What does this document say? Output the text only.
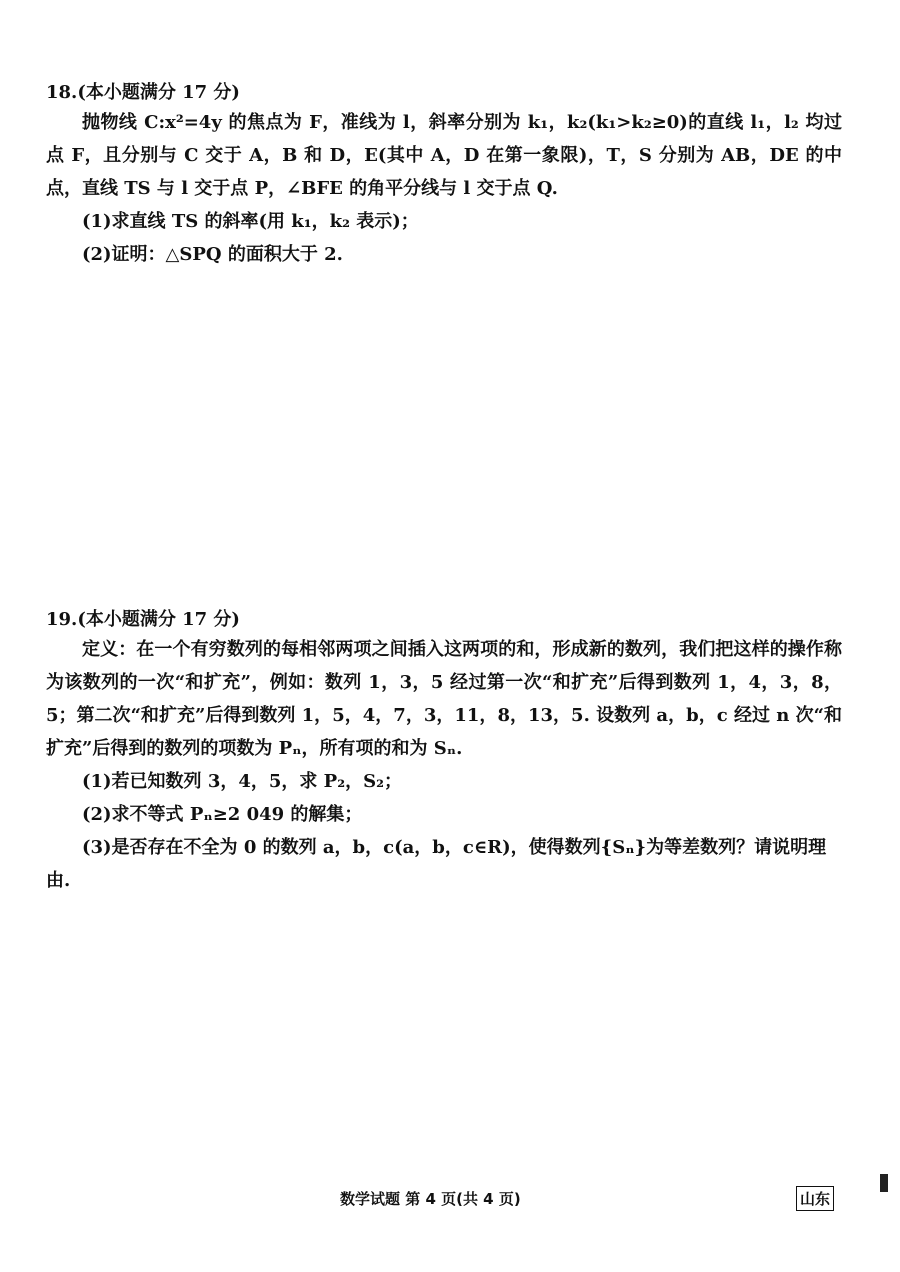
18.(本小题满分 17 分)

抛物线 C:x²=4y 的焦点为 F，准线为 l，斜率分别为 k₁，k₂(k₁>k₂≥0)的直线 l₁，l₂ 均过点 F，且分别与 C 交于 A，B 和 D，E(其中 A，D 在第一象限)，T，S 分别为 AB，DE 的中点，直线 TS 与 l 交于点 P，∠BFE 的角平分线与 l 交于点 Q.

(1)求直线 TS 的斜率(用 k₁，k₂ 表示)；

(2)证明：△SPQ 的面积大于 2.

19.(本小题满分 17 分)

定义：在一个有穷数列的每相邻两项之间插入这两项的和，形成新的数列，我们把这样的操作称为该数列的一次“和扩充”，例如：数列 1，3，5 经过第一次“和扩充”后得到数列 1，4，3，8，5；第二次“和扩充”后得到数列 1，5，4，7，3，11，8，13，5. 设数列 a，b，c 经过 n 次“和扩充”后得到的数列的项数为 Pₙ，所有项的和为 Sₙ.

(1)若已知数列 3，4，5，求 P₂，S₂；

(2)求不等式 Pₙ≥2 049 的解集；

(3)是否存在不全为 0 的数列 a，b，c(a，b，c∈R)，使得数列{Sₙ}为等差数列？请说明理由.

数学试题 第 4 页(共 4 页)	山东
